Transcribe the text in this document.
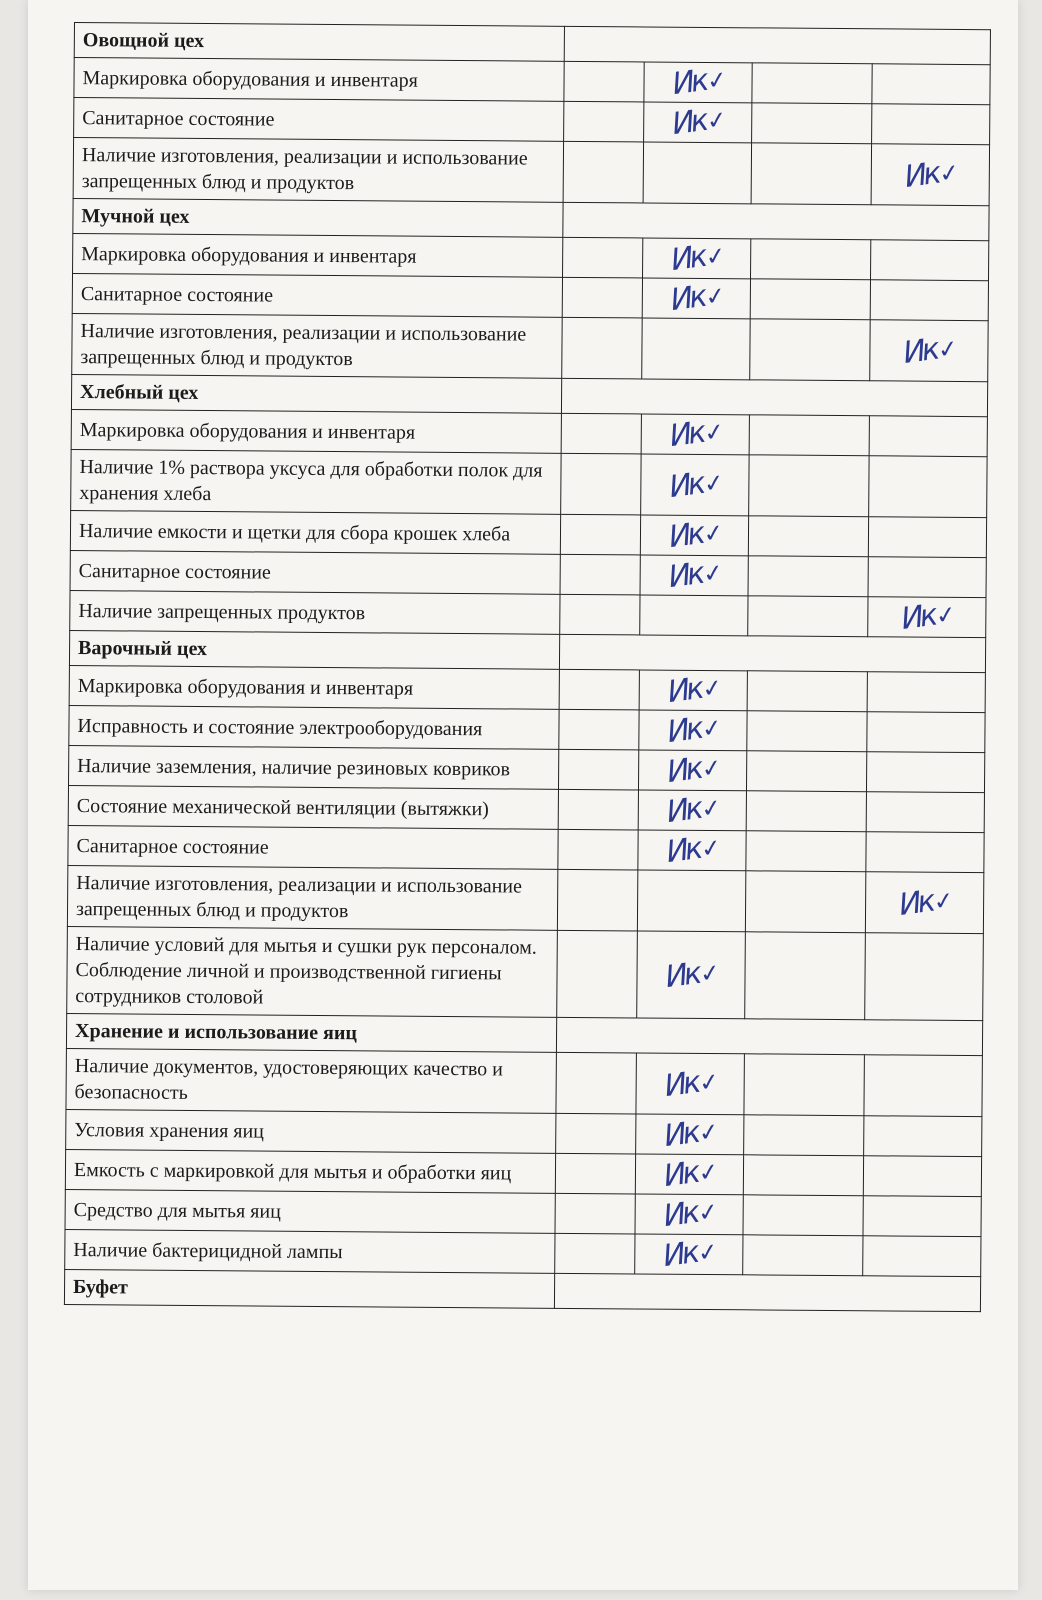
Овощной цех				
Маркировка оборудования и инвентаря		Ик ✓		
Санитарное состояние		Ик ✓		
Наличие изготовления, реализации и использование запрещенных блюд и продуктов				Ик ✓
Мучной цех				
Маркировка оборудования и инвентаря		Ик ✓		
Санитарное состояние		Ик ✓		
Наличие изготовления, реализации и использование запрещенных блюд и продуктов				Ик ✓
Хлебный цех				
Маркировка оборудования и инвентаря		Ик ✓		
Наличие 1% раствора уксуса для обработки полок для хранения хлеба		Ик ✓		
Наличие емкости и щетки для сбора крошек хлеба		Ик ✓		
Санитарное состояние		Ик ✓		
Наличие запрещенных продуктов				Ик ✓
Варочный цех				
Маркировка оборудования и инвентаря		Ик ✓		
Исправность и состояние электрооборудования		Ик ✓		
Наличие заземления, наличие резиновых ковриков		Ик ✓		
Состояние механической вентиляции (вытяжки)		Ик ✓		
Санитарное состояние		Ик ✓		
Наличие изготовления, реализации и использование запрещенных блюд и продуктов				Ик ✓
Наличие условий для мытья и сушки рук персоналом. Соблюдение личной и производственной гигиены сотрудников столовой		Ик ✓		
Хранение и использование яиц				
Наличие документов, удостоверяющих качество и безопасность		Ик ✓		
Условия хранения яиц		Ик ✓		
Емкость с маркировкой для мытья и обработки яиц		Ик ✓		
Средство для мытья яиц		Ик ✓		
Наличие бактерицидной лампы		Ик ✓		
Буфет				
